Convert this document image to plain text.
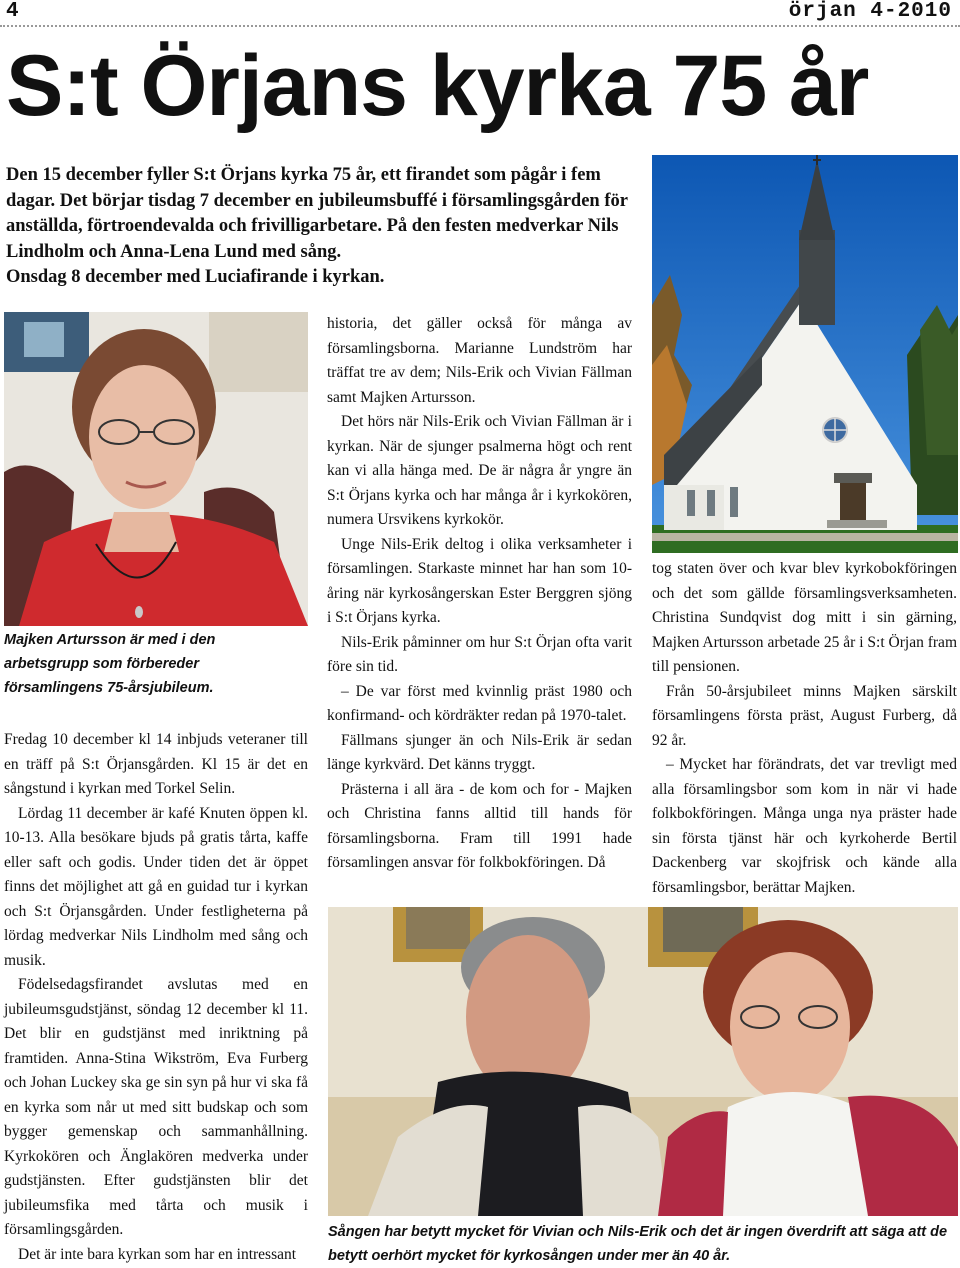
4	örjan 4-2010
S:t Örjans kyrka 75 år

Den 15 december fyller S:t Örjans kyrka 75 år, ett firandet som pågår i fem dagar. Det börjar tisdag 7 december en jubileumsbuffé i församlingsgården för anställda, förtroendevalda och frivilligarbetare. På den festen medverkar Nils Lindholm och Anna-Lena Lund med sång.

Onsdag 8 december med Luciafirande i kyrkan.

Majken Artursson är med i den arbetsgrupp som förbereder församlingens 75-årsjubileum.

Fredag 10 december kl 14 inbjuds veteraner till en träff på S:t Örjansgården. Kl 15 är det en sångstund i kyrkan med Torkel Selin.

Lördag 11 december är kafé Knuten öppen kl. 10-13. Alla besökare bjuds på gratis tårta, kaffe eller saft och godis. Under tiden det är öppet finns det möjlighet att gå en guidad tur i kyrkan och S:t Örjansgården. Under festligheterna på lördag medverkar Nils Lindholm med sång och musik.

Födelsedagsfirandet avslutas med en jubileumsgudstjänst, söndag 12 december kl 11. Det blir en gudstjänst med inriktning på framtiden. Anna-Stina Wikström, Eva Furberg och Johan Luckey ska ge sin syn på hur vi ska få en kyrka som når ut med sitt budskap och som bygger gemenskap och sammanhållning. Kyrkokören och Änglakören medverka under gudstjänsten. Efter gudstjänsten blir det jubileumsfika med tårta och musik i församlingsgården.

Det är inte bara kyrkan som har en intressant

historia, det gäller också för många av församlingsborna. Marianne Lundström har träffat tre av dem; Nils-Erik och Vivian Fällman samt Majken Artursson.

Det hörs när Nils-Erik och Vivian Fällman är i kyrkan. När de sjunger psalmerna högt och rent kan vi alla hänga med. De är några år yngre än S:t Örjans kyrka och har många år i kyrkokören, numera Ursvikens kyrkokör.

Unge Nils-Erik deltog i olika verksamheter i församlingen. Starkaste minnet har han som 10-åring när kyrkosångerskan Ester Berggren sjöng i S:t Örjans kyrka.

Nils-Erik påminner om hur S:t Örjan ofta varit före sin tid.

– De var först med kvinnlig präst 1980 och konfirmand- och kördräkter redan på 1970-talet.

Fällmans sjunger än och Nils-Erik är sedan länge kyrkvärd. Det känns tryggt.

Prästerna i all ära - de kom och for - Majken och Christina fanns alltid till hands för församlingsborna. Fram till 1991 hade församlingen ansvar för folkbokföringen. Då

tog staten över och kvar blev kyrkobokföringen och det som gällde församlingsverksamheten. Christina Sundqvist dog mitt i sin gärning, Majken Artursson arbetade 25 år i S:t Örjan fram till pensionen.

Från 50-årsjubileet minns Majken särskilt församlingens första präst, August Furberg, då 92 år.

– Mycket har förändrats, det var trevligt med alla församlingsbor som kom in när vi hade folkbokföringen. Många unga nya präster hade sin första tjänst här och kyrkoherde Bertil Dackenberg var skojfrisk och kände alla församlingsbor, berättar Majken.

Sången har betytt mycket för Vivian och Nils-Erik och det är ingen överdrift att säga att de betytt oerhört mycket för kyrkosången under mer än 40 år.
